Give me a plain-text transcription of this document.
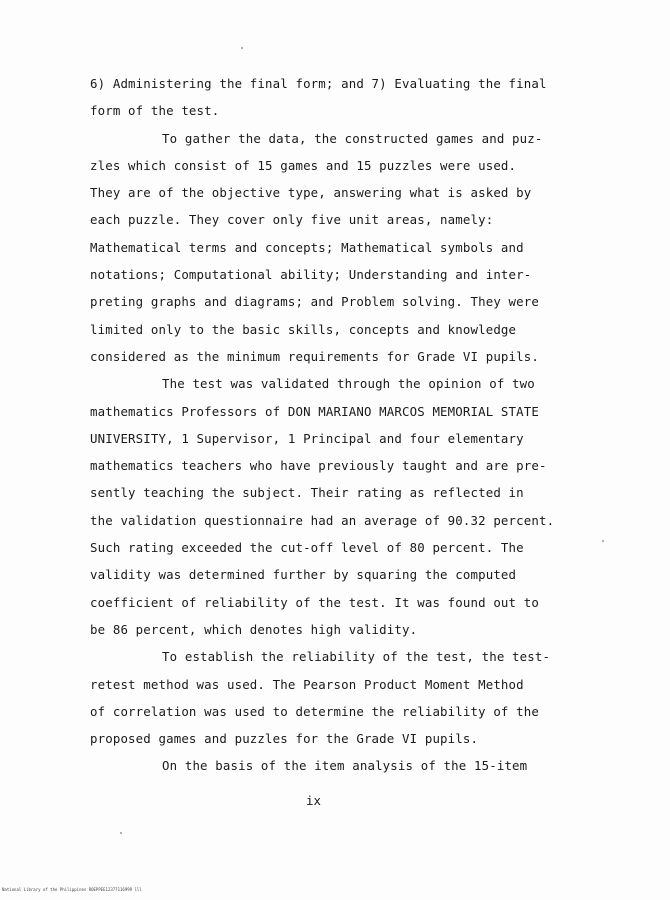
6) Administering the final form; and 7) Evaluating the final
form of the test.
To gather the data, the constructed games and puz-
zles which consist of 15 games and 15 puzzles were used.
They are of the objective type, answering what is asked by
each puzzle. They cover only five unit areas, namely:
Mathematical terms and concepts; Mathematical symbols and
notations; Computational ability; Understanding and inter-
preting graphs and diagrams; and Problem solving. They were
limited only to the basic skills, concepts and knowledge
considered as the minimum requirements for Grade VI pupils.
The test was validated through the opinion of two
mathematics Professors of DON MARIANO MARCOS MEMORIAL STATE
UNIVERSITY, 1 Supervisor, 1 Principal and four elementary
mathematics teachers who have previously taught and are pre-
sently teaching the subject. Their rating as reflected in
the validation questionnaire had an average of 90.32 percent.
Such rating exceeded the cut-off level of 80 percent. The
validity was determined further by squaring the computed
coefficient of reliability of the test. It was found out to
be 86 percent, which denotes high validity.
To establish the reliability of the test, the test-
retest method was used. The Pearson Product Moment Method
of correlation was used to determine the reliability of the
proposed games and puzzles for the Grade VI pupils.
On the basis of the item analysis of the 15-item
ix
National Library of the Philippines ROEPPEE12377116999 lll
